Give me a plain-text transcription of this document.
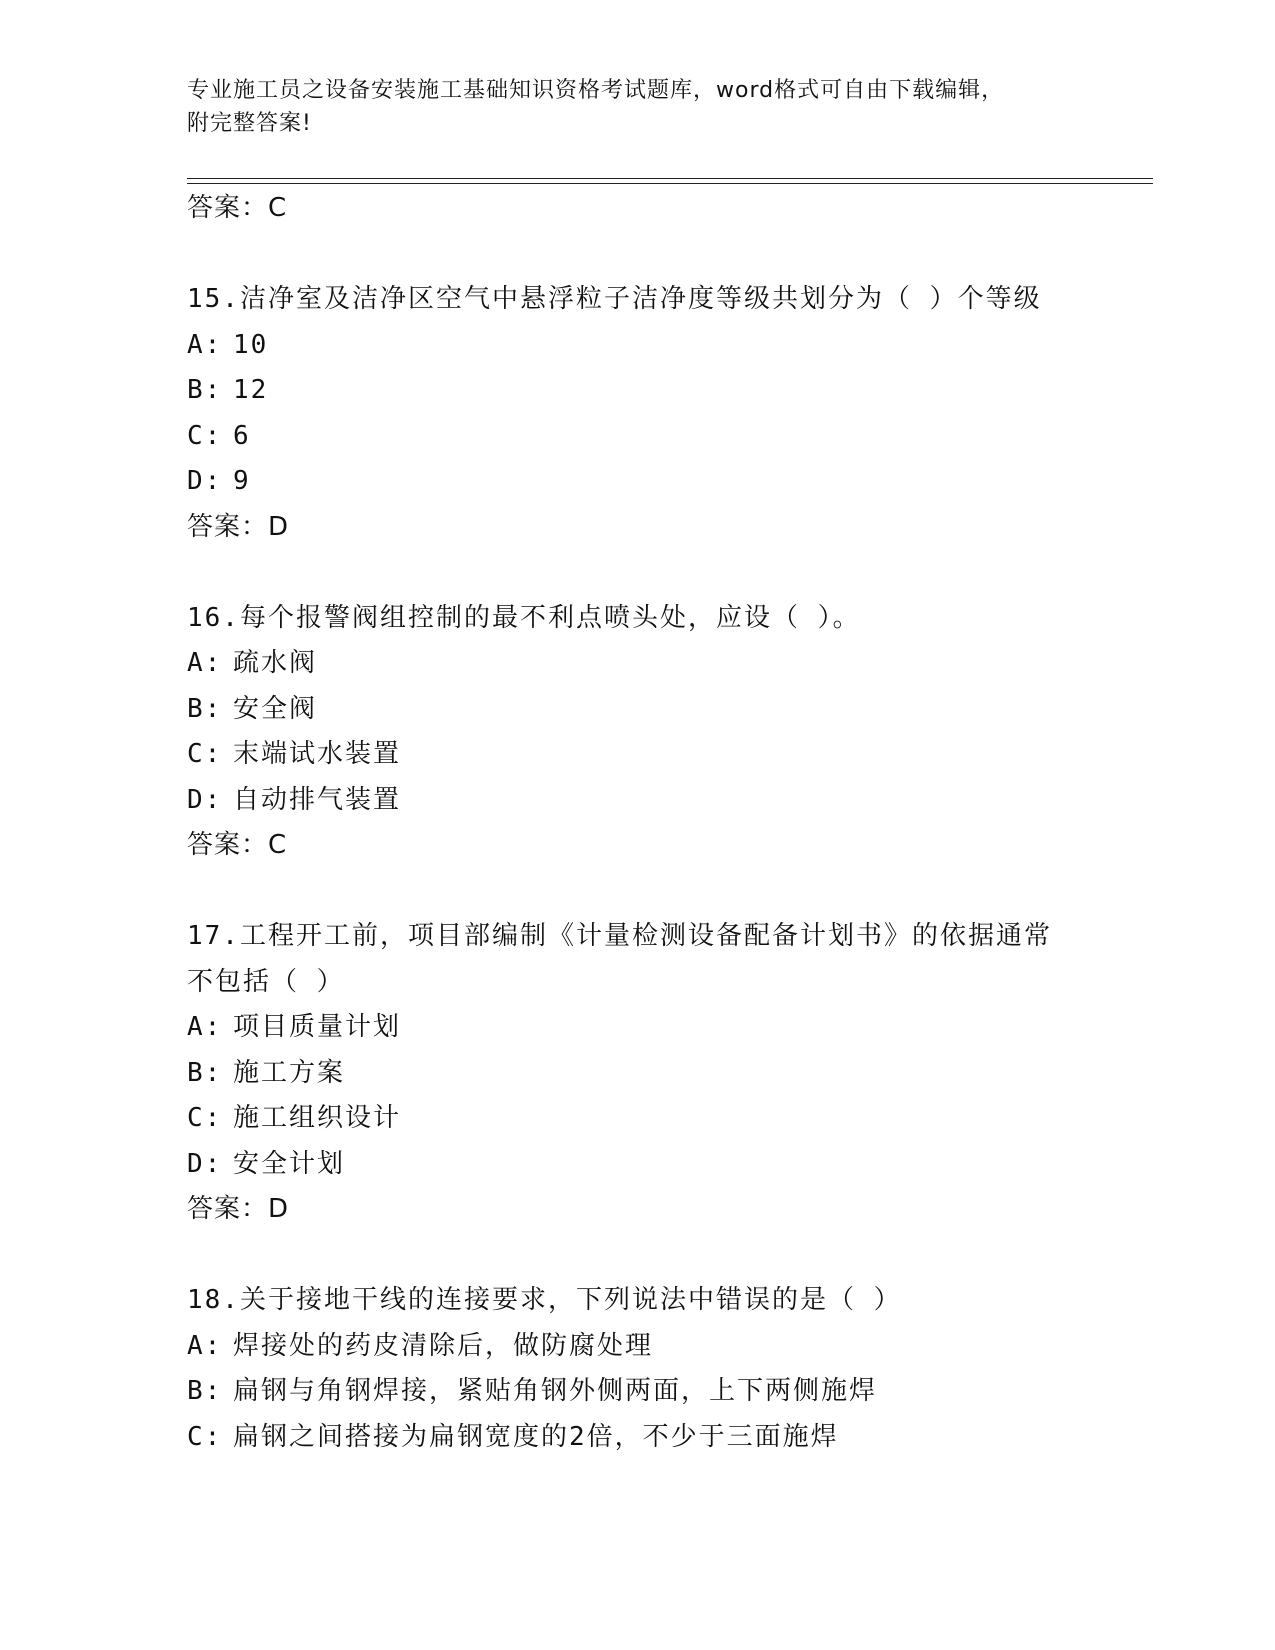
专业施工员之设备安装施工基础知识资格考试题库，word格式可自由下载编辑，
附完整答案!
答案：C
15.洁净室及洁净区空气中悬浮粒子洁净度等级共划分为（ ）个等级
A: 10
B: 12
C: 6
D: 9
答案：D
16.每个报警阀组控制的最不利点喷头处，应设（ ）。
A: 疏水阀
B: 安全阀
C: 末端试水装置
D: 自动排气装置
答案：C
17.工程开工前，项目部编制《计量检测设备配备计划书》的依据通常
不包括（ ）
A: 项目质量计划
B: 施工方案
C: 施工组织设计
D: 安全计划
答案：D
18.关于接地干线的连接要求，下列说法中错误的是（ ）
A: 焊接处的药皮清除后，做防腐处理
B: 扁钢与角钢焊接，紧贴角钢外侧两面，上下两侧施焊
C: 扁钢之间搭接为扁钢宽度的2倍，不少于三面施焊
